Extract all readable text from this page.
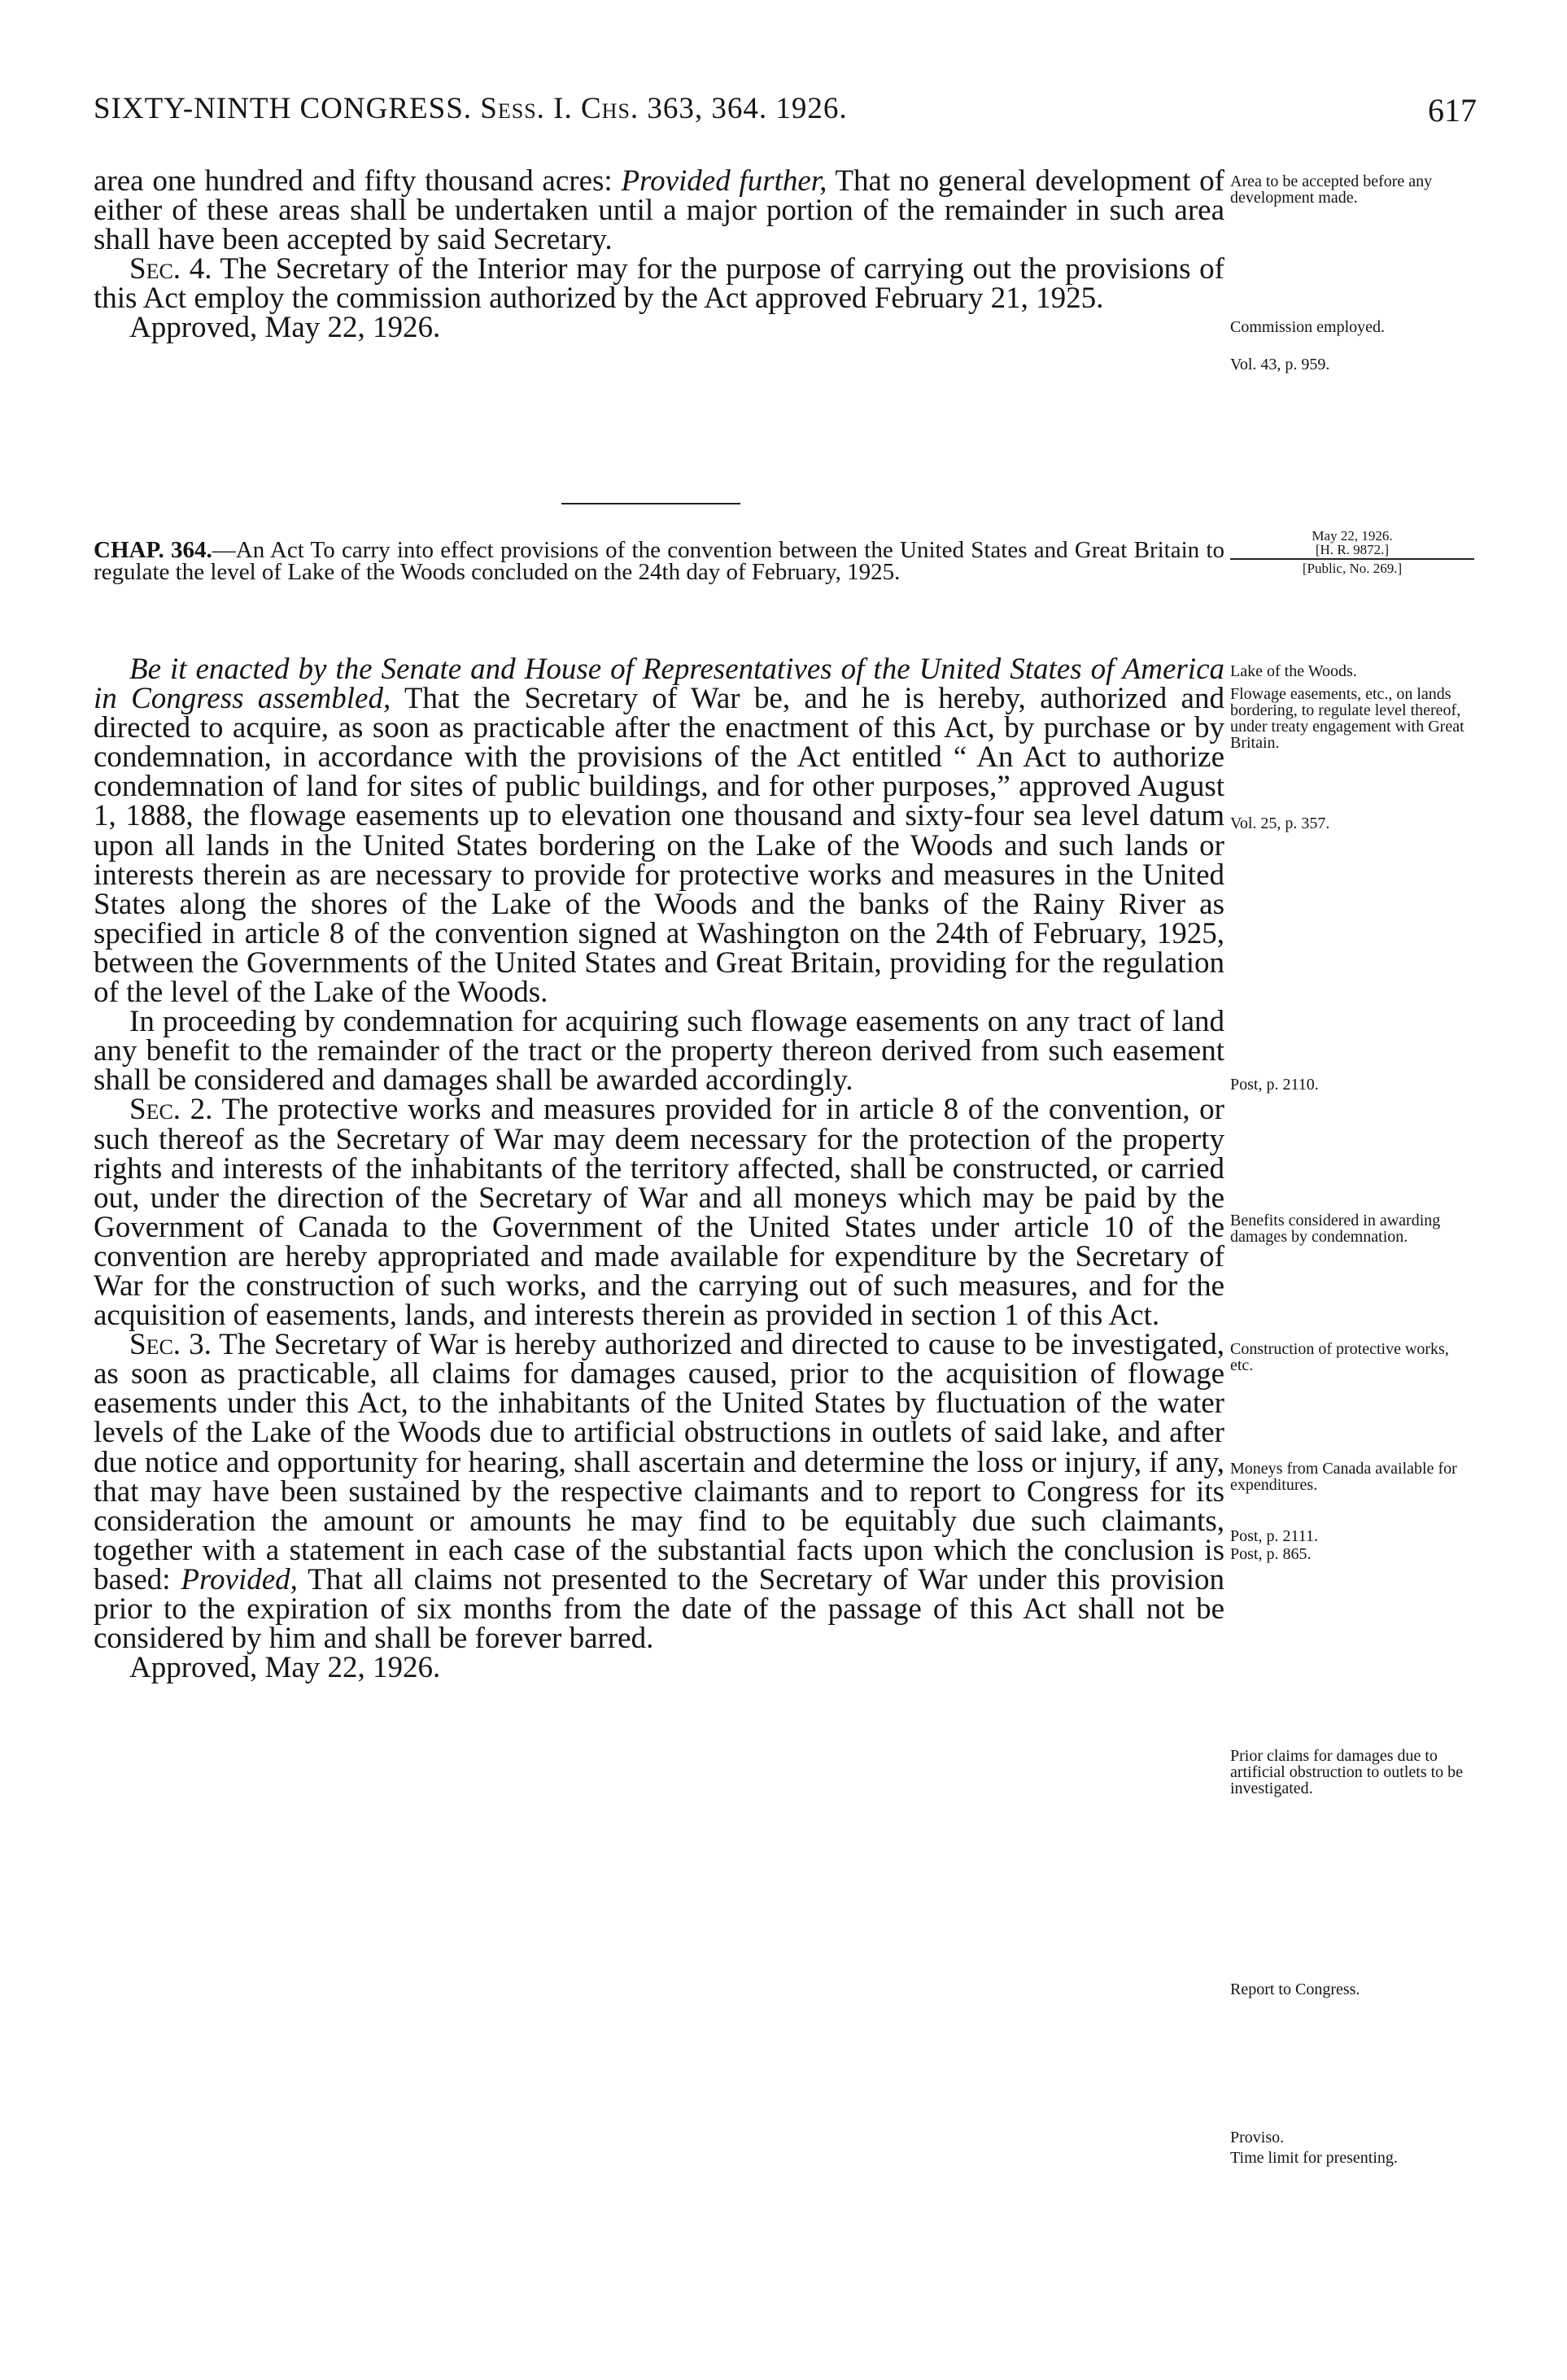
SIXTY-NINTH CONGRESS. Sess. I. Chs. 363, 364. 1926.	617

area one hundred and fifty thousand acres: Provided further, That no general development of either of these areas shall be undertaken until a major portion of the remainder in such area shall have been accepted by said Secretary.

Sec. 4. The Secretary of the Interior may for the purpose of carrying out the provisions of this Act employ the commission authorized by the Act approved February 21, 1925.

Approved, May 22, 1926.

CHAP. 364.—An Act To carry into effect provisions of the convention between the United States and Great Britain to regulate the level of Lake of the Woods concluded on the 24th day of February, 1925.

May 22, 1926.
[H. R. 9872.]
[Public, No. 269.]

Be it enacted by the Senate and House of Representatives of the United States of America in Congress assembled, That the Secretary of War be, and he is hereby, authorized and directed to acquire, as soon as practicable after the enactment of this Act, by purchase or by condemnation, in accordance with the provisions of the Act entitled “ An Act to authorize condemnation of land for sites of public buildings, and for other purposes,” approved August 1, 1888, the flowage easements up to elevation one thousand and sixty-four sea level datum upon all lands in the United States bordering on the Lake of the Woods and such lands or interests therein as are necessary to provide for protective works and measures in the United States along the shores of the Lake of the Woods and the banks of the Rainy River as specified in article 8 of the convention signed at Washington on the 24th of February, 1925, between the Governments of the United States and Great Britain, providing for the regulation of the level of the Lake of the Woods.

In proceeding by condemnation for acquiring such flowage easements on any tract of land any benefit to the remainder of the tract or the property thereon derived from such easement shall be considered and damages shall be awarded accordingly.

Sec. 2. The protective works and measures provided for in article 8 of the convention, or such thereof as the Secretary of War may deem necessary for the protection of the property rights and interests of the inhabitants of the territory affected, shall be constructed, or carried out, under the direction of the Secretary of War and all moneys which may be paid by the Government of Canada to the Government of the United States under article 10 of the convention are hereby appropriated and made available for expenditure by the Secretary of War for the construction of such works, and the carrying out of such measures, and for the acquisition of easements, lands, and interests therein as provided in section 1 of this Act.

Sec. 3. The Secretary of War is hereby authorized and directed to cause to be investigated, as soon as practicable, all claims for damages caused, prior to the acquisition of flowage easements under this Act, to the inhabitants of the United States by fluctuation of the water levels of the Lake of the Woods due to artificial obstructions in outlets of said lake, and after due notice and opportunity for hearing, shall ascertain and determine the loss or injury, if any, that may have been sustained by the respective claimants and to report to Congress for its consideration the amount or amounts he may find to be equitably due such claimants, together with a statement in each case of the substantial facts upon which the conclusion is based: Provided, That all claims not presented to the Secretary of War under this provision prior to the expiration of six months from the date of the passage of this Act shall not be considered by him and shall be forever barred.

Approved, May 22, 1926.

Area to be accepted before any development made.
Commission employed.
Vol. 43, p. 959.
Lake of the Woods.
Flowage easements, etc., on lands bordering, to regulate level thereof, under treaty engagement with Great Britain.
Vol. 25, p. 357.
Post, p. 2110.
Benefits considered in awarding damages by condemnation.
Construction of protective works, etc.
Moneys from Canada available for expenditures.
Post, p. 2111.
Post, p. 865.
Prior claims for damages due to artificial obstruction to outlets to be investigated.
Report to Congress.
Proviso.
Time limit for presenting.
